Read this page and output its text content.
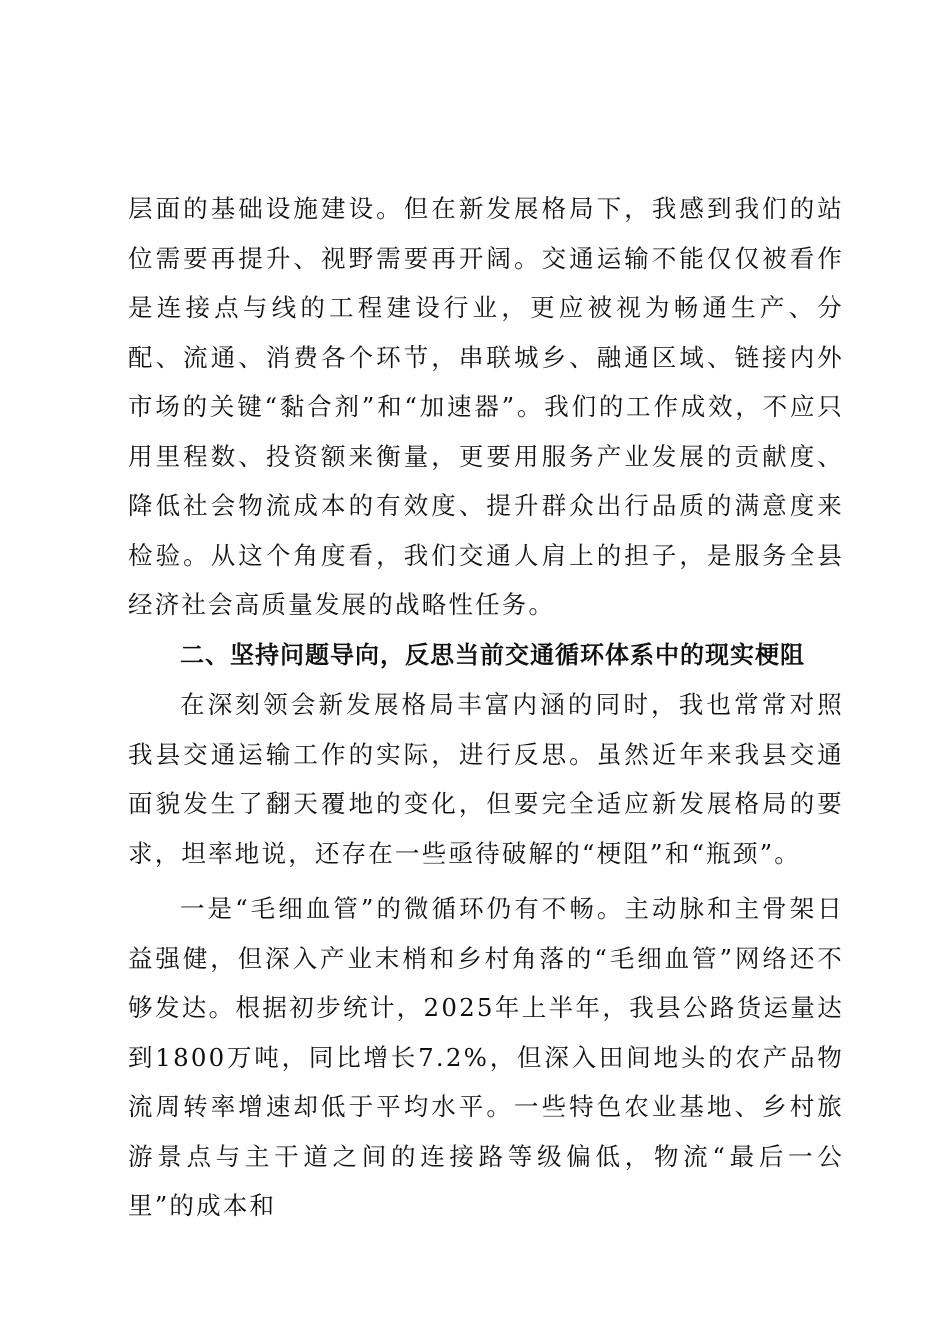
层面的基础设施建设。但在新发展格局下，我感到我们的站位需要再提升、视野需要再开阔。交通运输不能仅仅被看作是连接点与线的工程建设行业，更应被视为畅通生产、分配、流通、消费各个环节，串联城乡、融通区域、链接内外市场的关键“黏合剂”和“加速器”。我们的工作成效，不应只用里程数、投资额来衡量，更要用服务产业发展的贡献度、降低社会物流成本的有效度、提升群众出行品质的满意度来检验。从这个角度看，我们交通人肩上的担子，是服务全县经济社会高质量发展的战略性任务。

二、坚持问题导向，反思当前交通循环体系中的现实梗阻

在深刻领会新发展格局丰富内涵的同时，我也常常对照我县交通运输工作的实际，进行反思。虽然近年来我县交通面貌发生了翻天覆地的变化，但要完全适应新发展格局的要求，坦率地说，还存在一些亟待破解的“梗阻”和“瓶颈”。

一是“毛细血管”的微循环仍有不畅。主动脉和主骨架日益强健，但深入产业末梢和乡村角落的“毛细血管”网络还不够发达。根据初步统计，2025年上半年，我县公路货运量达到1800万吨，同比增长7.2%，但深入田间地头的农产品物流周转率增速却低于平均水平。一些特色农业基地、乡村旅游景点与主干道之间的连接路等级偏低，物流“最后一公里”的成本和
